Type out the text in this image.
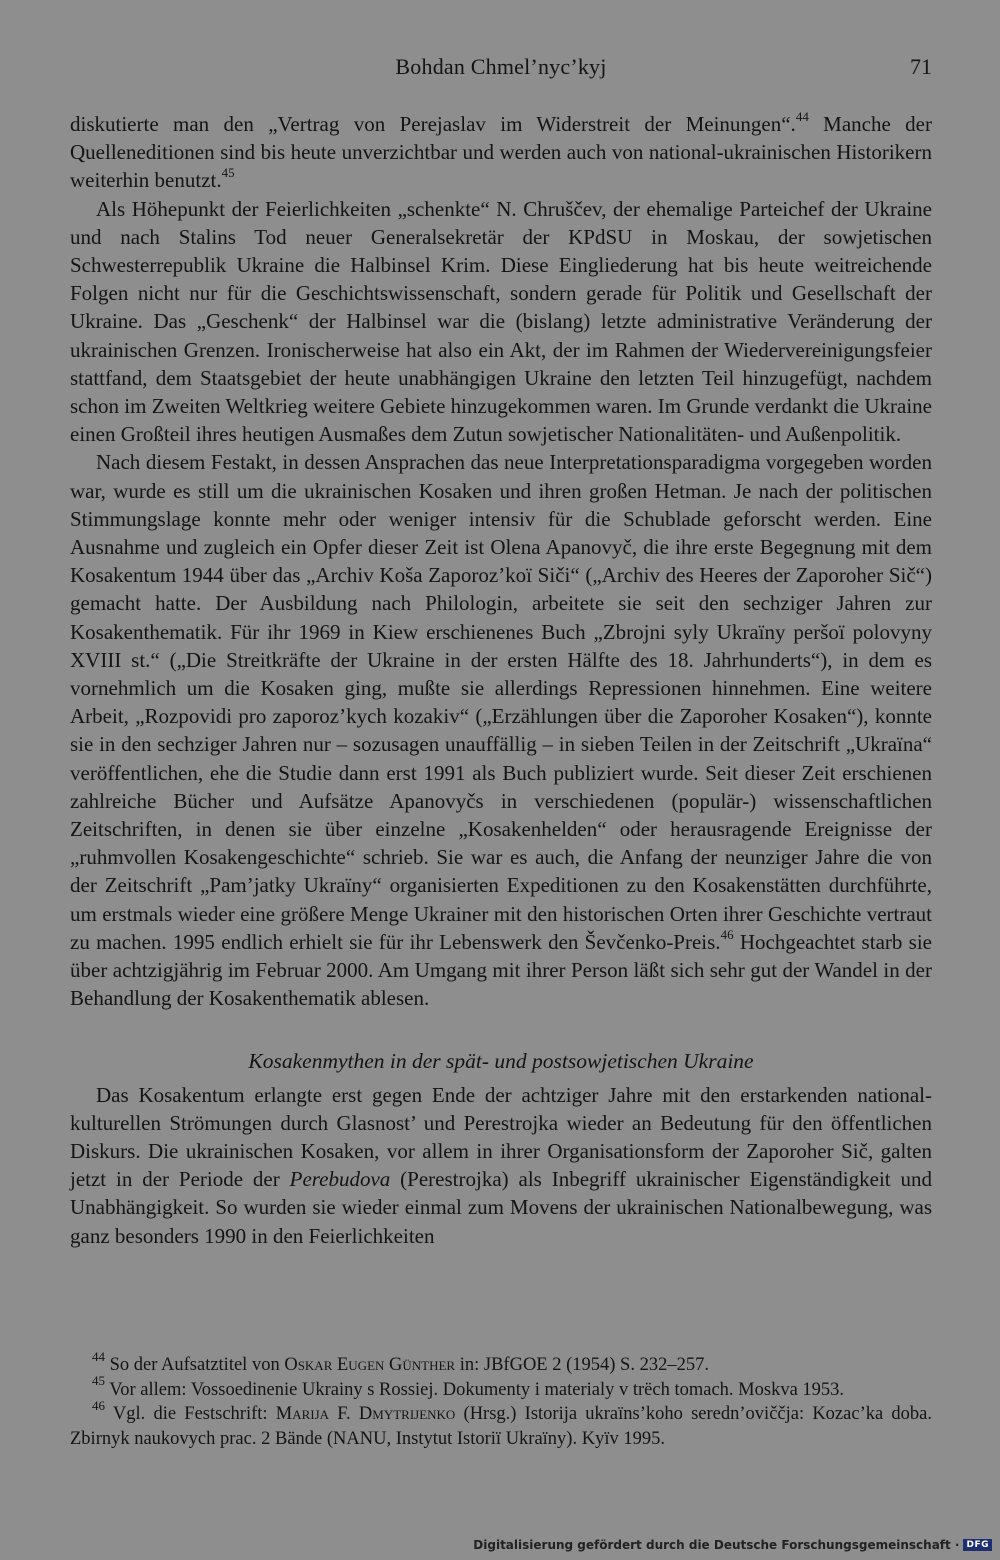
Bohdan Chmel’nyc’kyj	71

diskutierte man den „Vertrag von Perejaslav im Widerstreit der Meinungen“.$^{44}$ Manche der Quelleneditionen sind bis heute unverzichtbar und werden auch von national-ukrainischen Historikern weiterhin benutzt.$^{45}$

Als Höhepunkt der Feierlichkeiten „schenkte“ N. Chruščev, der ehemalige Parteichef der Ukraine und nach Stalins Tod neuer Generalsekretär der KPdSU in Moskau, der sowjetischen Schwesterrepublik Ukraine die Halbinsel Krim. Diese Eingliederung hat bis heute weitreichende Folgen nicht nur für die Geschichtswissenschaft, sondern gerade für Politik und Gesellschaft der Ukraine. Das „Geschenk“ der Halbinsel war die (bislang) letzte administrative Veränderung der ukrainischen Grenzen. Ironischerweise hat also ein Akt, der im Rahmen der Wiedervereinigungsfeier stattfand, dem Staatsgebiet der heute unabhängigen Ukraine den letzten Teil hinzugefügt, nachdem schon im Zweiten Weltkrieg weitere Gebiete hinzugekommen waren. Im Grunde verdankt die Ukraine einen Großteil ihres heutigen Ausmaßes dem Zutun sowjetischer Nationalitäten- und Außenpolitik.

Nach diesem Festakt, in dessen Ansprachen das neue Interpretationsparadigma vorgegeben worden war, wurde es still um die ukrainischen Kosaken und ihren großen Hetman. Je nach der politischen Stimmungslage konnte mehr oder weniger intensiv für die Schublade geforscht werden. Eine Ausnahme und zugleich ein Opfer dieser Zeit ist Olena Apanovyč, die ihre erste Begegnung mit dem Kosakentum 1944 über das „Archiv Koša Zaporoz’koï Siči“ („Archiv des Heeres der Zaporoher Sič“) gemacht hatte. Der Ausbildung nach Philologin, arbeitete sie seit den sechziger Jahren zur Kosakenthematik. Für ihr 1969 in Kiew erschienenes Buch „Zbrojni syly Ukraïny peršoï polovyny XVIII st.“ („Die Streitkräfte der Ukraine in der ersten Hälfte des 18. Jahrhunderts“), in dem es vornehmlich um die Kosaken ging, mußte sie allerdings Repressionen hinnehmen. Eine weitere Arbeit, „Rozpovidi pro zaporoz’kych kozakiv“ („Erzählungen über die Zaporoher Kosaken“), konnte sie in den sechziger Jahren nur – sozusagen unauffällig – in sieben Teilen in der Zeitschrift „Ukraïna“ veröffentlichen, ehe die Studie dann erst 1991 als Buch publiziert wurde. Seit dieser Zeit erschienen zahlreiche Bücher und Aufsätze Apanovyčs in verschiedenen (populär-) wissenschaftlichen Zeitschriften, in denen sie über einzelne „Kosakenhelden“ oder herausragende Ereignisse der „ruhmvollen Kosakengeschichte“ schrieb. Sie war es auch, die Anfang der neunziger Jahre die von der Zeitschrift „Pam’jatky Ukraïny“ organisierten Expeditionen zu den Kosakenstätten durchführte, um erstmals wieder eine größere Menge Ukrainer mit den historischen Orten ihrer Geschichte vertraut zu machen. 1995 endlich erhielt sie für ihr Lebenswerk den Ševčenko-Preis.$^{46}$ Hochgeachtet starb sie über achtzigjährig im Februar 2000. Am Umgang mit ihrer Person läßt sich sehr gut der Wandel in der Behandlung der Kosakenthematik ablesen.

Kosakenmythen in der spät- und postsowjetischen Ukraine

Das Kosakentum erlangte erst gegen Ende der achtziger Jahre mit den erstarkenden national-kulturellen Strömungen durch Glasnost’ und Perestrojka wieder an Bedeutung für den öffentlichen Diskurs. Die ukrainischen Kosaken, vor allem in ihrer Organisationsform der Zaporoher Sič, galten jetzt in der Periode der Perebudova (Perestrojka) als Inbegriff ukrainischer Eigenständigkeit und Unabhängigkeit. So wurden sie wieder einmal zum Movens der ukrainischen Nationalbewegung, was ganz besonders 1990 in den Feierlichkeiten

$^{44}$ So der Aufsatztitel von Oskar Eugen Günther in: JBfGOE 2 (1954) S. 232–257.

$^{45}$ Vor allem: Vossoedinenie Ukrainy s Rossiej. Dokumenty i materialy v trëch tomach. Moskva 1953.

$^{46}$ Vgl. die Festschrift: Marija F. Dmytrijenko (Hrsg.) Istorija ukraïns’koho seredn’ovіččja: Kozac’ka doba. Zbirnyk naukovych prac. 2 Bände (NANU, Instytut Istoriï Ukraïny). Kyïv 1995.

Digitalisierung gefördert durch die Deutsche Forschungsgemeinschaft · DFG
